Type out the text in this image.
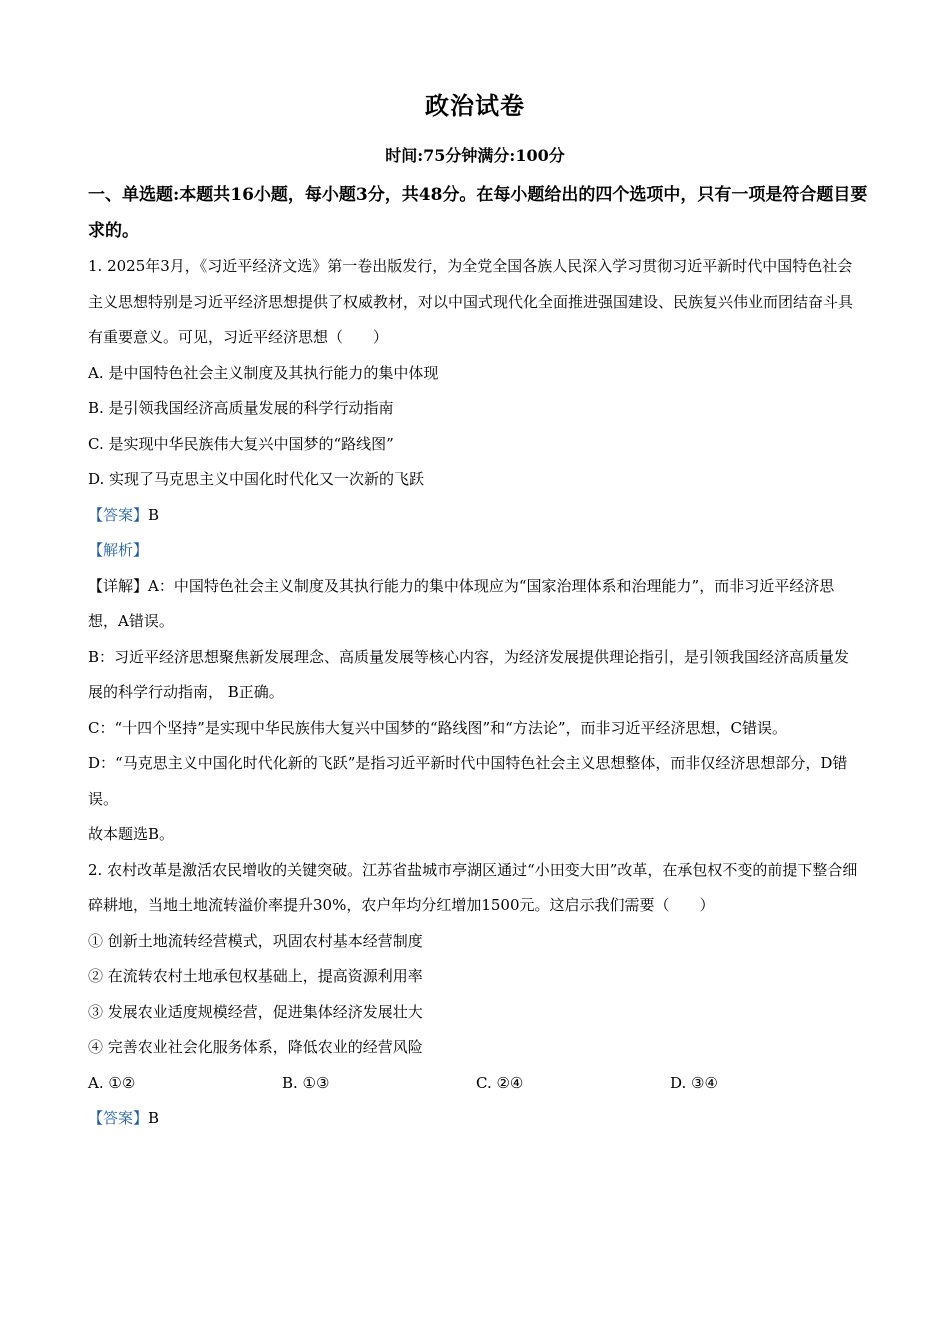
政治试卷
时间:75分钟满分:100分
一、单选题:本题共16小题，每小题3分，共48分。在每小题给出的四个选项中，只有一项是符合题目要求的。

1. 2025年3月，《习近平经济文选》第一卷出版发行，为全党全国各族人民深入学习贯彻习近平新时代中国特色社会主义思想特别是习近平经济思想提供了权威教材，对以中国式现代化全面推进强国建设、民族复兴伟业而团结奋斗具有重要意义。可见，习近平经济思想（　　）

A. 是中国特色社会主义制度及其执行能力的集中体现

B. 是引领我国经济高质量发展的科学行动指南

C. 是实现中华民族伟大复兴中国梦的“路线图”

D. 实现了马克思主义中国化时代化又一次新的飞跃

【答案】B

【解析】

【详解】A：中国特色社会主义制度及其执行能力的集中体现应为“国家治理体系和治理能力”，而非习近平经济思想，A错误。

B：习近平经济思想聚焦新发展理念、高质量发展等核心内容，为经济发展提供理论指引，是引领我国经济高质量发展的科学行动指南， B正确。

C：“十四个坚持”是实现中华民族伟大复兴中国梦的“路线图”和“方法论”，而非习近平经济思想，C错误。

D：“马克思主义中国化时代化新的飞跃”是指习近平新时代中国特色社会主义思想整体，而非仅经济思想部分，D错误。

故本题选B。

2. 农村改革是激活农民增收的关键突破。江苏省盐城市亭湖区通过“小田变大田”改革，在承包权不变的前提下整合细碎耕地，当地土地流转溢价率提升30%，农户年均分红增加1500元。这启示我们需要（　　）

① 创新土地流转经营模式，巩固农村基本经营制度

② 在流转农村土地承包权基础上，提高资源利用率

③ 发展农业适度规模经营，促进集体经济发展壮大

④ 完善农业社会化服务体系，降低农业的经营风险

A. ①②	B. ①③	C. ②④	D. ③④

【答案】B
